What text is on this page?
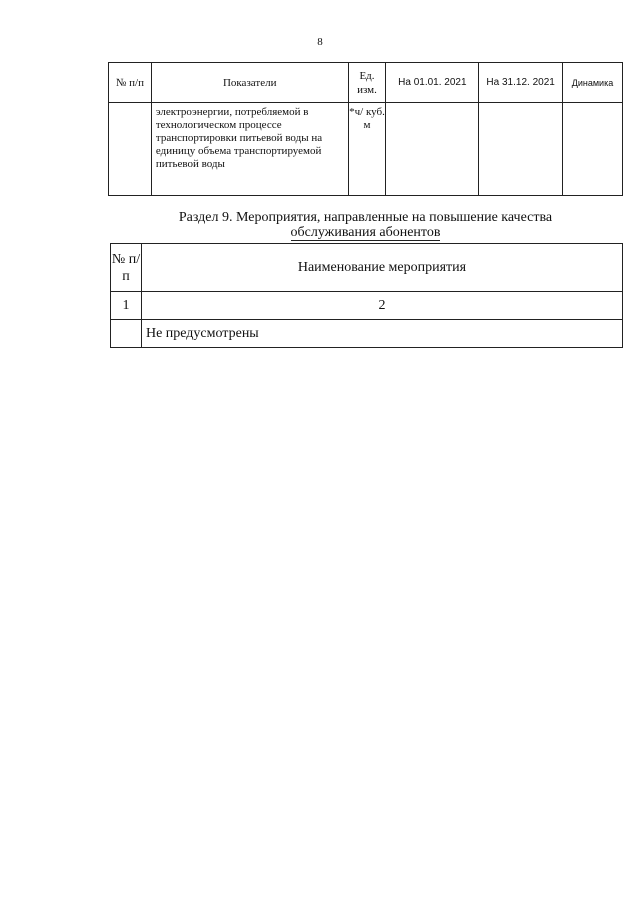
8
№ п/п	Показатели	Ед. изм.	На 01.01. 2021	На 31.12. 2021	Динамика
	электроэнергии, потребляемой в технологическом процессе транспортировки питьевой воды на единицу объема транспортируемой питьевой воды	*ч/ куб. м			
Раздел 9. Мероприятия, направленные на повышение качества
обслуживания абонентов
№ п/п	Наименование мероприятия
1	2
	Не предусмотрены
